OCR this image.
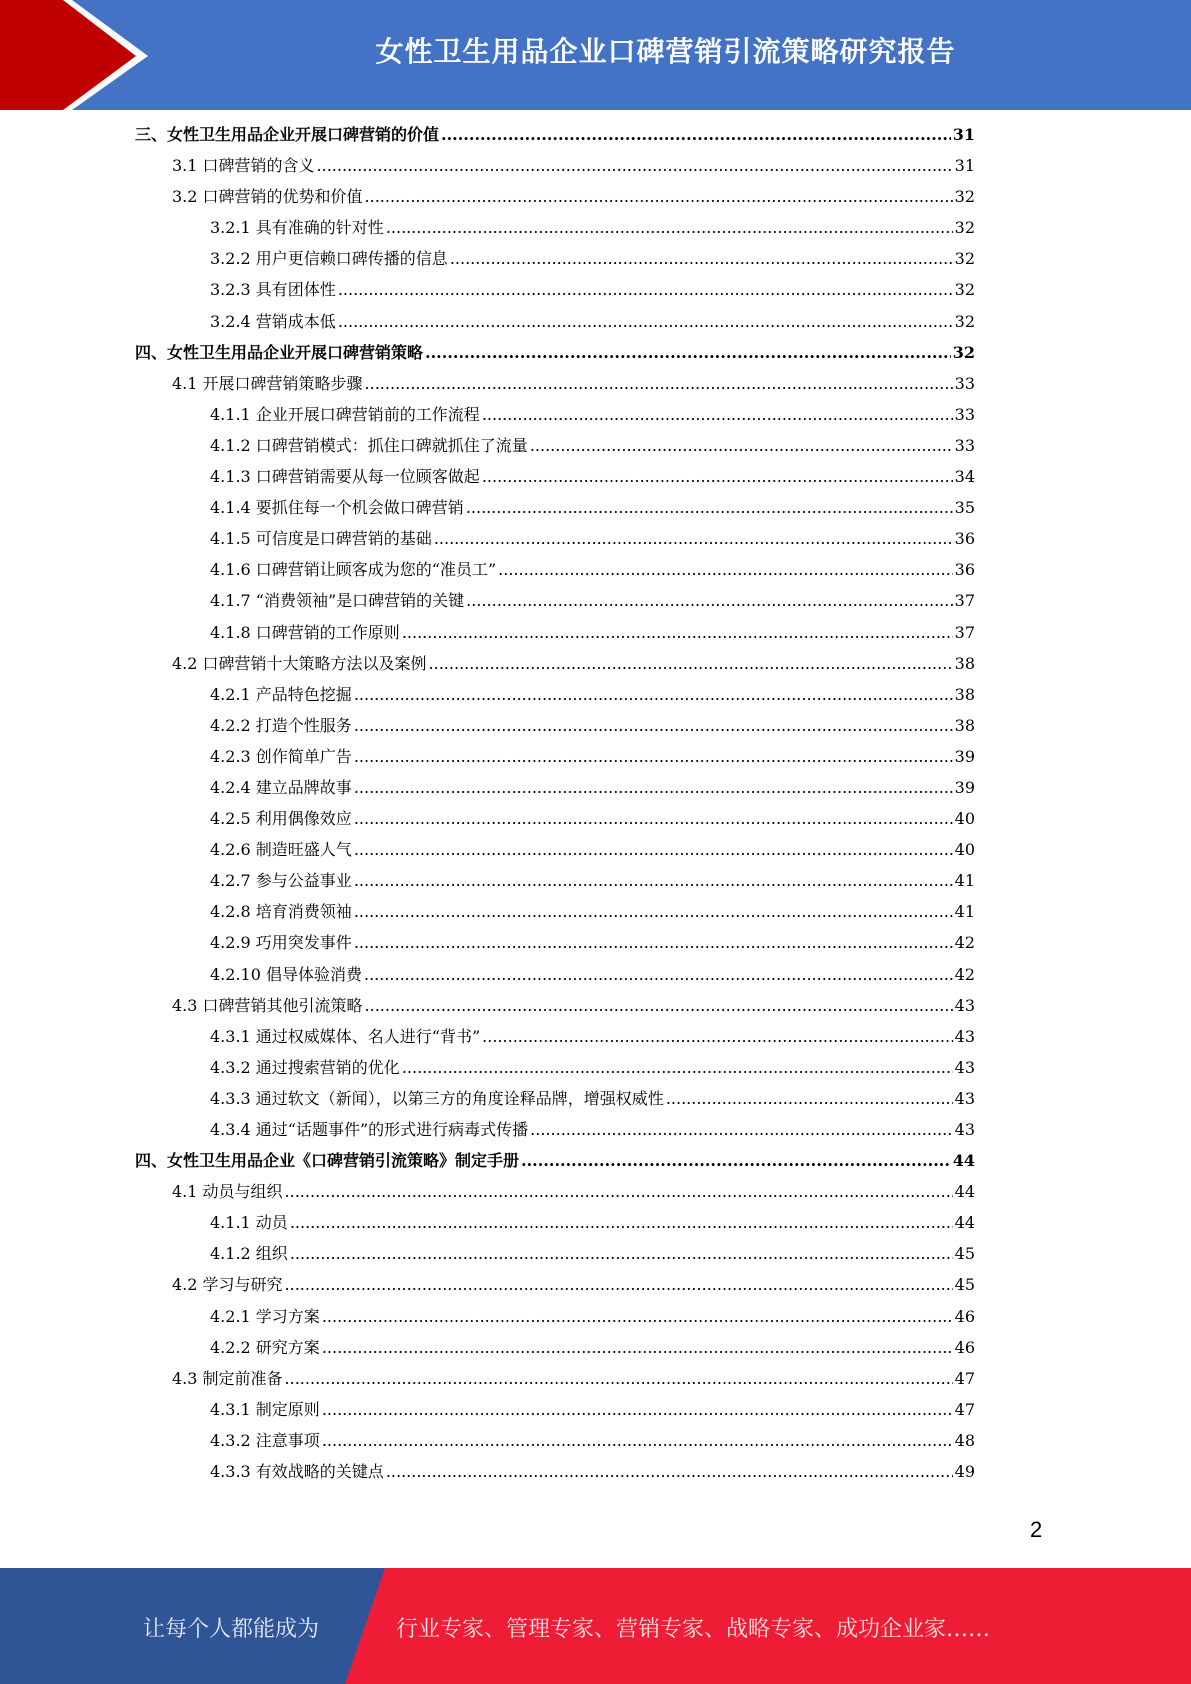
女性卫生用品企业口碑营销引流策略研究报告
三、女性卫生用品企业开展口碑营销的价值 .....	31
3.1 口碑营销的含义 .....	31
3.2 口碑营销的优势和价值 .....	32
3.2.1 具有准确的针对性 .....	32
3.2.2 用户更信赖口碑传播的信息 .....	32
3.2.3 具有团体性 .....	32
3.2.4 营销成本低 .....	32
四、女性卫生用品企业开展口碑营销策略 .....	32
4.1 开展口碑营销策略步骤 .....	33
4.1.1 企业开展口碑营销前的工作流程 .....	33
4.1.2 口碑营销模式：抓住口碑就抓住了流量 .....	33
4.1.3 口碑营销需要从每一位顾客做起 .....	34
4.1.4 要抓住每一个机会做口碑营销 .....	35
4.1.5 可信度是口碑营销的基础 .....	36
4.1.6 口碑营销让顾客成为您的“准员工” .....	36
4.1.7 “消费领袖”是口碑营销的关键 .....	37
4.1.8 口碑营销的工作原则 .....	37
4.2 口碑营销十大策略方法以及案例 .....	38
4.2.1 产品特色挖掘 .....	38
4.2.2 打造个性服务 .....	38
4.2.3 创作简单广告 .....	39
4.2.4 建立品牌故事 .....	39
4.2.5 利用偶像效应 .....	40
4.2.6 制造旺盛人气 .....	40
4.2.7 参与公益事业 .....	41
4.2.8 培育消费领袖 .....	41
4.2.9 巧用突发事件 .....	42
4.2.10 倡导体验消费 .....	42
4.3 口碑营销其他引流策略 .....	43
4.3.1 通过权威媒体、名人进行“背书” .....	43
4.3.2 通过搜索营销的优化 .....	43
4.3.3 通过软文（新闻），以第三方的角度诠释品牌，增强权威性 .....	43
4.3.4 通过“话题事件”的形式进行病毒式传播 .....	43
四、女性卫生用品企业《口碑营销引流策略》制定手册 .....	44
4.1 动员与组织 .....	44
4.1.1 动员 .....	44
4.1.2 组织 .....	45
4.2 学习与研究 .....	45
4.2.1 学习方案 .....	46
4.2.2 研究方案 .....	46
4.3 制定前准备 .....	47
4.3.1 制定原则 .....	47
4.3.2 注意事项 .....	48
4.3.3 有效战略的关键点 .....	49
2
让每个人都能成为	行业专家、管理专家、营销专家、战略专家、成功企业家……
